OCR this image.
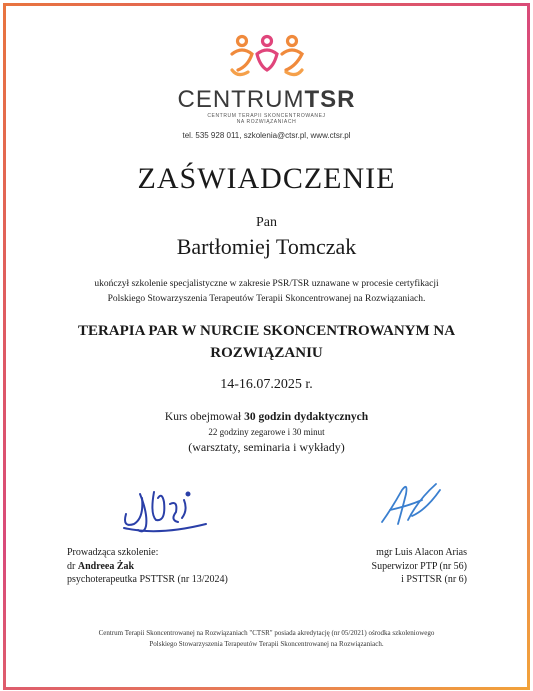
CENTRUMTSR
CENTRUM TERAPII SKONCENTROWANEJ
NA ROZWIĄZANIACH
tel. 535 928 011, szkolenia@ctsr.pl, www.ctsr.pl
ZAŚWIADCZENIE
Pan
Bartłomiej Tomczak
ukończył szkolenie specjalistyczne w zakresie PSR/TSR uznawane w procesie certyfikacji
Polskiego Stowarzyszenia Terapeutów Terapii Skoncentrowanej na Rozwiązaniach.
TERAPIA PAR W NURCIE SKONCENTROWANYM NA
ROZWIĄZANIU
14-16.07.2025 r.
Kurs obejmował 30 godzin dydaktycznych
22 godziny zegarowe i 30 minut
(warsztaty, seminaria i wykłady)
Prowadząca szkolenie:
dr Andreea Żak
psychoterapeutka PSTTSR (nr 13/2024)
mgr Luis Alacon Arias
Superwizor PTP (nr 56)
i PSTTSR (nr 6)
Centrum Terapii Skoncentrowanej na Rozwiązaniach "CTSR" posiada akredytację (nr 05/2021) ośrodka szkoleniowego
Polskiego Stowarzyszenia Terapeutów Terapii Skoncentrowanej na Rozwiązaniach.
